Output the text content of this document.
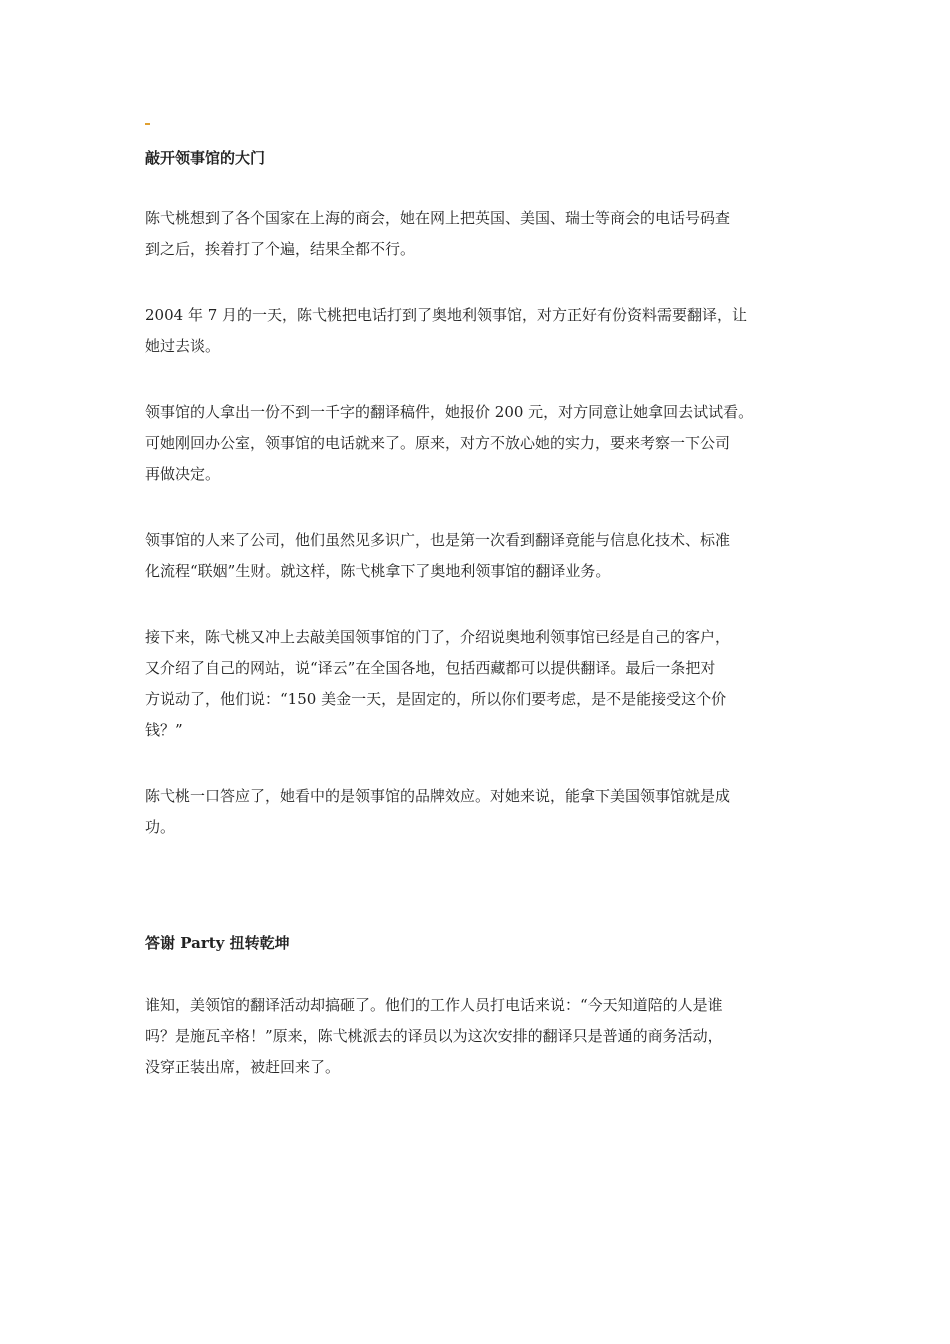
敲开领事馆的大门

陈弋桃想到了各个国家在上海的商会，她在网上把英国、美国、瑞士等商会的电话号码查
到之后，挨着打了个遍，结果全都不行。

2004 年 7 月的一天，陈弋桃把电话打到了奥地利领事馆，对方正好有份资料需要翻译，让
她过去谈。

领事馆的人拿出一份不到一千字的翻译稿件，她报价 200 元，对方同意让她拿回去试试看。
可她刚回办公室，领事馆的电话就来了。原来，对方不放心她的实力，要来考察一下公司
再做决定。

领事馆的人来了公司，他们虽然见多识广，也是第一次看到翻译竟能与信息化技术、标准
化流程“联姻”生财。就这样，陈弋桃拿下了奥地利领事馆的翻译业务。

接下来，陈弋桃又冲上去敲美国领事馆的门了，介绍说奥地利领事馆已经是自己的客户，
又介绍了自己的网站，说“译云”在全国各地，包括西藏都可以提供翻译。最后一条把对
方说动了，他们说：“150 美金一天，是固定的，所以你们要考虑，是不是能接受这个价
钱？”

陈弋桃一口答应了，她看中的是领事馆的品牌效应。对她来说，能拿下美国领事馆就是成
功。

答谢 Party 扭转乾坤

谁知，美领馆的翻译活动却搞砸了。他们的工作人员打电话来说：“今天知道陪的人是谁
吗？是施瓦辛格！”原来，陈弋桃派去的译员以为这次安排的翻译只是普通的商务活动，
没穿正装出席，被赶回来了。
